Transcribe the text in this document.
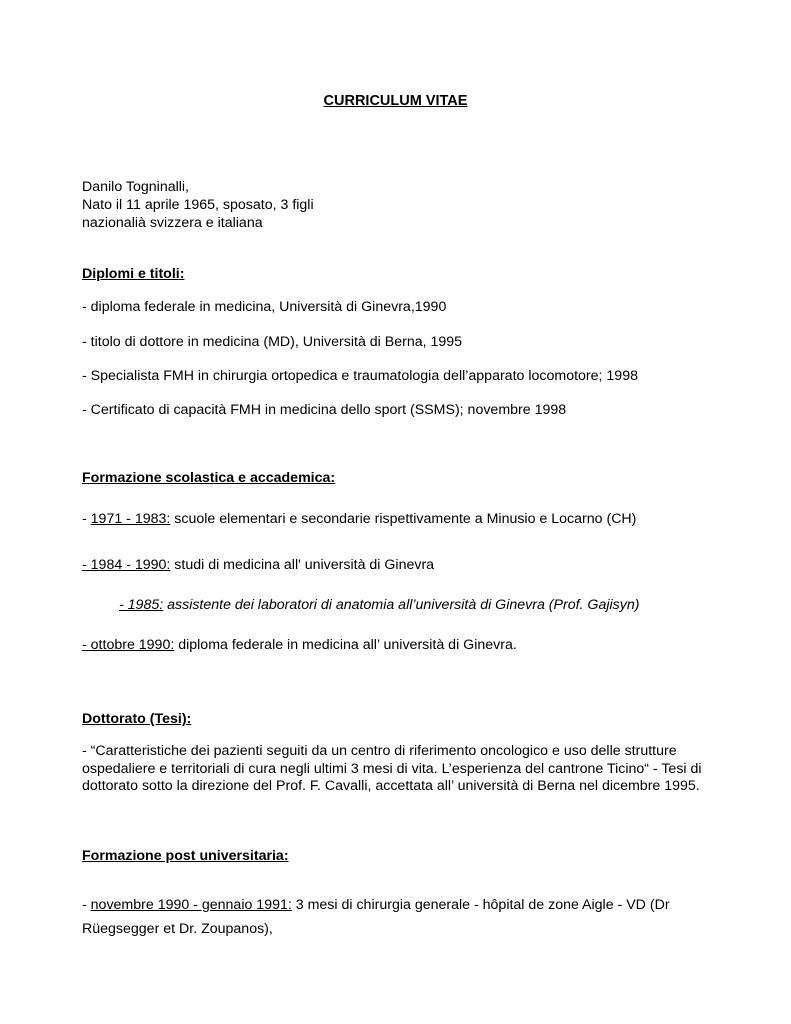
CURRICULUM VITAE
Danilo Togninalli,
Nato il 11 aprile 1965, sposato, 3 figli
nazionalià svizzera e italiana
Diplomi e titoli:
- diploma federale in medicina, Università di Ginevra,1990
- titolo di dottore in medicina (MD), Università di Berna, 1995
- Specialista FMH in chirurgia ortopedica e traumatologia dell’apparato locomotore; 1998
- Certificato di capacità FMH in medicina dello sport (SSMS); novembre 1998
Formazione scolastica e accademica:
- 1971 - 1983: scuole elementari e secondarie rispettivamente a Minusio e Locarno (CH)
- 1984 - 1990: studi di medicina all' università di Ginevra
- 1985: assistente dei laboratori di anatomia all’università di Ginevra (Prof. Gajisyn)
- ottobre 1990: diploma federale in medicina all’ università di Ginevra.
Dottorato (Tesi):
- “Caratteristiche dei pazienti seguiti da un centro di riferimento oncologico e uso delle strutture ospedaliere e territoriali di cura negli ultimi 3 mesi di vita. L’esperienza del cantrone Ticino“ - Tesi di dottorato sotto la direzione del Prof. F. Cavalli, accettata all’ università di Berna nel dicembre 1995.
Formazione post universitaria:
- novembre 1990 - gennaio 1991: 3 mesi di chirurgia generale - hôpital de zone Aigle - VD (Dr Rüegsegger et Dr. Zoupanos),
